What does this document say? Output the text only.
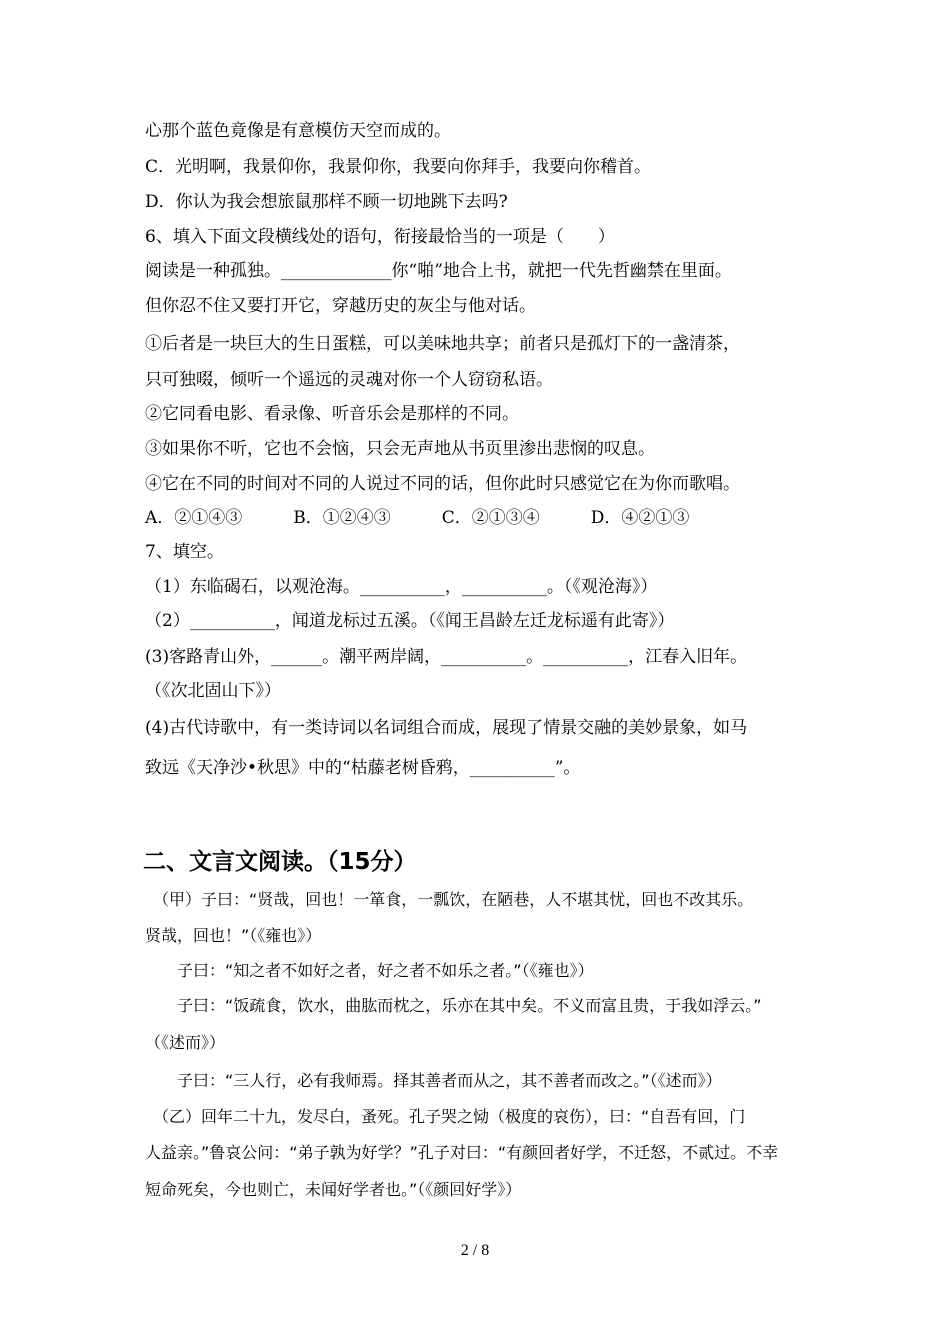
心那个蓝色竟像是有意模仿天空而成的。
C．光明啊，我景仰你，我景仰你，我要向你拜手，我要向你稽首。
D．你认为我会想旅鼠那样不顾一切地跳下去吗?
6、填入下面文段横线处的语句，衔接最恰当的一项是（　　）
阅读是一种孤独。_____________你“啪”地合上书，就把一代先哲幽禁在里面。
但你忍不住又要打开它，穿越历史的灰尘与他对话。
①后者是一块巨大的生日蛋糕，可以美味地共享；前者只是孤灯下的一盏清茶，
只可独啜，倾听一个遥远的灵魂对你一个人窃窃私语。
②它同看电影、看录像、听音乐会是那样的不同。
③如果你不听，它也不会恼，只会无声地从书页里渗出悲悯的叹息。
④它在不同的时间对不同的人说过不同的话，但你此时只感觉它在为你而歌唱。
A．②①④③　　　B．①②④③　　　C．②①③④　　　D．④②①③
7、填空。
（1）东临碣石，以观沧海。__________，__________。（《观沧海》）
（2）__________，闻道龙标过五溪。（《闻王昌龄左迁龙标遥有此寄》）
(3)客路青山外，______。潮平两岸阔，__________。__________，江春入旧年。
（《次北固山下》）
(4)古代诗歌中，有一类诗词以名词组合而成，展现了情景交融的美妙景象，如马
致远《天净沙•秋思》中的“枯藤老树昏鸦，__________”。
二、文言文阅读。（15分）
　（甲）子曰：“贤哉，回也！一箪食，一瓢饮，在陋巷，人不堪其忧，回也不改其乐。
贤哉，回也！”（《雍也》）
　　子曰：“知之者不如好之者，好之者不如乐之者。”（《雍也》）
　　子曰：“饭疏食，饮水，曲肱而枕之，乐亦在其中矣。不义而富且贵，于我如浮云。”
（《述而》）
　　子曰：“三人行，必有我师焉。择其善者而从之，其不善者而改之。”（《述而》）
　（乙）回年二十九，发尽白，蚤死。孔子哭之恸（极度的哀伤），曰：“自吾有回，门
人益亲。”鲁哀公问：“弟子孰为好学？”孔子对曰：“有颜回者好学，不迁怒，不贰过。不幸
短命死矣，今也则亡，未闻好学者也。”（《颜回好学》）
2 / 8
